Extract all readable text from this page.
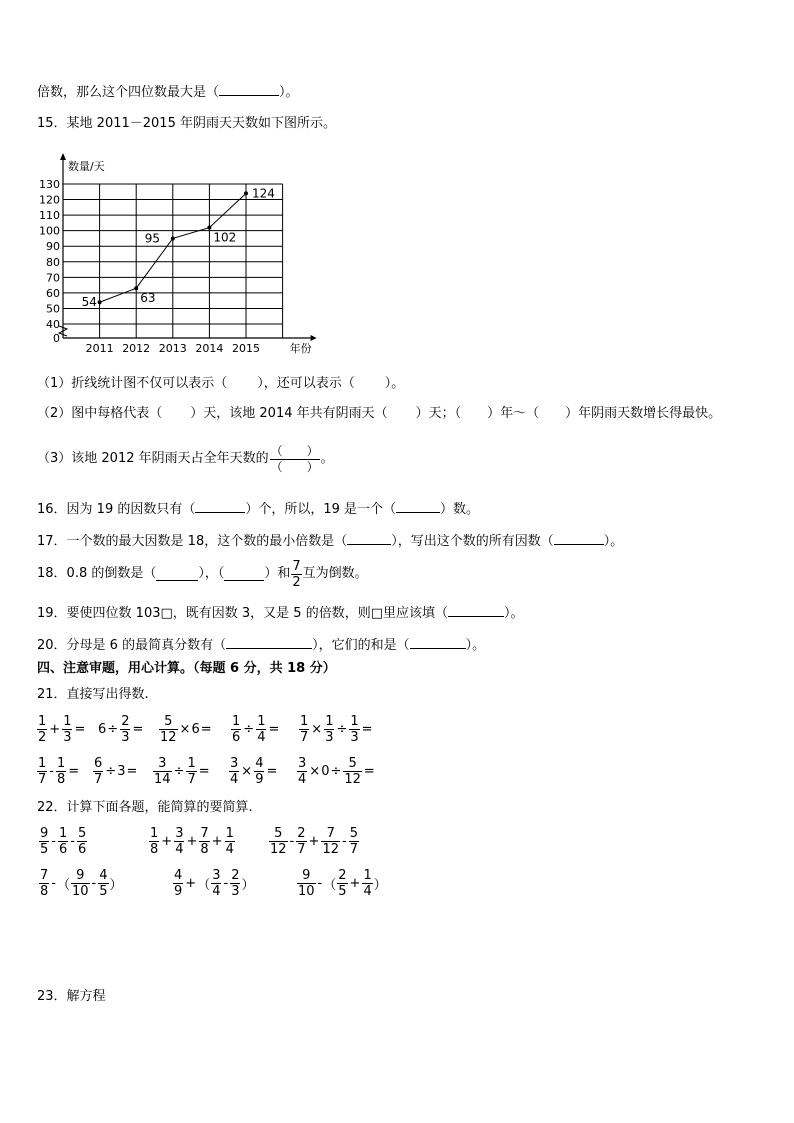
倍数，那么这个四位数最大是（	）。
15．某地 2011－2015 年阴雨天天数如下图所示。
0
40
50
60
70
80
90
100
110
120
130
2011 2012 2013 2014 2015
数量/天
年份
54	63
95	102
124
（1）折线统计图不仅可以表示（ ），还可以表示（ ）。
（2）图中每格代表（ ）天，该地 2014 年共有阴雨天（ ）天；（ ）年～（ ）年阴雨天数增长得最快。
（3）该地 2012 年阴雨天占全年天数的 $\frac{( )}{( )}$ 。
16．因为 19 的因数只有（	）个，所以，19 是一个（	）数。
17．一个数的最大因数是 18，这个数的最小倍数是（	），写出这个数的所有因数（	）。
18．0.8 的倒数是（	），（	）和 $\frac{7}{2}$ 互为倒数。
19．要使四位数 103□，既有因数 3，又是 5 的倍数，则□里应该填（	）。
20．分母是 6 的最简真分数有（	），它们的和是（	）。
四、注意审题，用心计算。（每题 6 分，共 18 分）
21．直接写出得数.
$\frac{1}{2} + \frac{1}{3} = 6 \div \frac{2}{3} = \frac{5}{12} \times 6 = \frac{1}{6} \div \frac{1}{4} = \frac{1}{7} \times \frac{1}{3} \div \frac{1}{3}$ =
$\frac{1}{7} - \frac{1}{8} = \frac{6}{7} \div 3 = \frac{3}{14} \div \frac{1}{7} = \frac{3}{4} \times \frac{4}{9} = \frac{3}{4} \times 0 \div \frac{5}{12}$ =
22．计算下面各题，能简算的要简算.
$\frac{9}{5} - \frac{1}{6} - \frac{5}{6}$	$\frac{1}{8} + \frac{3}{4} + \frac{7}{8} + \frac{1}{4}$	$\frac{5}{12} - \frac{2}{7} + \frac{7}{12} - \frac{5}{7}$
$\frac{7}{8}$ - （ $\frac{9}{10} - \frac{4}{5}$ ）	$\frac{4}{9}$ + （ $\frac{3}{4} - \frac{2}{3}$ ）	$\frac{9}{10}$ - （ $\frac{2}{5} + \frac{1}{4}$ ）
23．解方程
